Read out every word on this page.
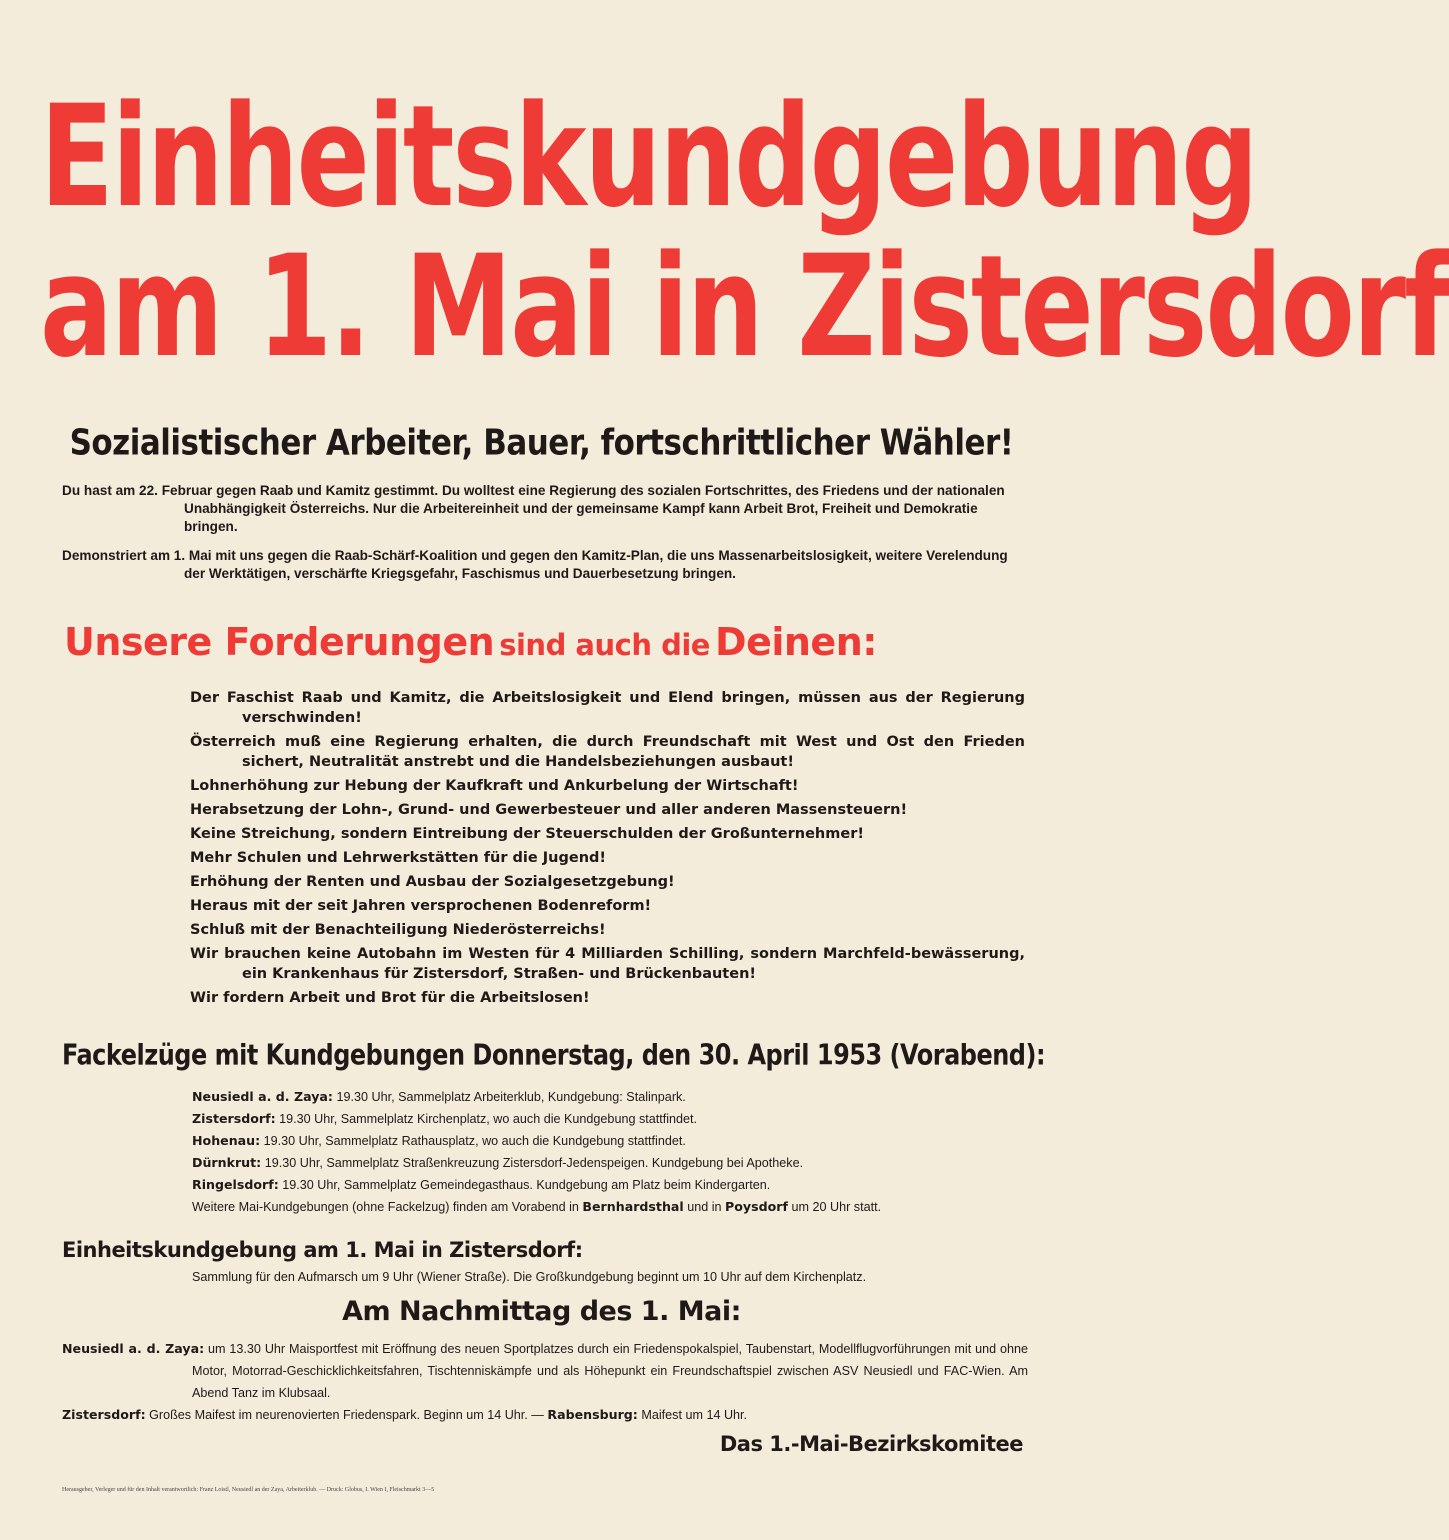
Einheitskundgebung
am 1. Mai in Zistersdorf
Sozialistischer Arbeiter, Bauer, fortschrittlicher Wähler!

Du hast am 22. Februar gegen Raab und Kamitz gestimmt. Du wolltest eine Regierung des sozialen Fortschrittes, des Friedens und der nationalen Unabhängigkeit Österreichs. Nur die Arbeitereinheit und der gemeinsame Kampf kann Arbeit Brot, Freiheit und Demokratie bringen.

Demonstriert am 1. Mai mit uns gegen die Raab-Schärf-Koalition und gegen den Kamitz-Plan, die uns Massenarbeitslosigkeit, weitere Verelendung der Werktätigen, verschärfte Kriegsgefahr, Faschismus und Dauerbesetzung bringen.

Unsere Forderungen sind auch die Deinen:
Der Faschist Raab und Kamitz, die Arbeitslosigkeit und Elend bringen, müssen aus der Regierung verschwinden!
Österreich muß eine Regierung erhalten, die durch Freundschaft mit West und Ost den Frieden sichert, Neutralität anstrebt und die Handelsbeziehungen ausbaut!
Lohnerhöhung zur Hebung der Kaufkraft und Ankurbelung der Wirtschaft!
Herabsetzung der Lohn-, Grund- und Gewerbesteuer und aller anderen Massensteuern!
Keine Streichung, sondern Eintreibung der Steuerschulden der Großunternehmer!
Mehr Schulen und Lehrwerkstätten für die Jugend!
Erhöhung der Renten und Ausbau der Sozialgesetzgebung!
Heraus mit der seit Jahren versprochenen Bodenreform!
Schluß mit der Benachteiligung Niederösterreichs!
Wir brauchen keine Autobahn im Westen für 4 Milliarden Schilling, sondern Marchfeld-bewässerung, ein Krankenhaus für Zistersdorf, Straßen- und Brückenbauten!
Wir fordern Arbeit und Brot für die Arbeitslosen!
Fackelzüge mit Kundgebungen Donnerstag, den 30. April 1953 (Vorabend):
Neusiedl a. d. Zaya: 19.30 Uhr, Sammelplatz Arbeiterklub, Kundgebung: Stalinpark.
Zistersdorf: 19.30 Uhr, Sammelplatz Kirchenplatz, wo auch die Kundgebung stattfindet.
Hohenau: 19.30 Uhr, Sammelplatz Rathausplatz, wo auch die Kundgebung stattfindet.
Dürnkrut: 19.30 Uhr, Sammelplatz Straßenkreuzung Zistersdorf-Jedenspeigen. Kundgebung bei Apotheke.
Ringelsdorf: 19.30 Uhr, Sammelplatz Gemeindegasthaus. Kundgebung am Platz beim Kindergarten.
Weitere Mai-Kundgebungen (ohne Fackelzug) finden am Vorabend in Bernhardsthal und in Poysdorf um 20 Uhr statt.
Einheitskundgebung am 1. Mai in Zistersdorf:
Sammlung für den Aufmarsch um 9 Uhr (Wiener Straße). Die Großkundgebung beginnt um 10 Uhr auf dem Kirchenplatz.
Am Nachmittag des 1. Mai:

Neusiedl a. d. Zaya: um 13.30 Uhr Maisportfest mit Eröffnung des neuen Sportplatzes durch ein Friedenspokalspiel, Taubenstart, Modellflugvorführungen mit und ohne Motor, Motorrad-Geschicklichkeitsfahren, Tischtenniskämpfe und als Höhepunkt ein Freundschaftspiel zwischen ASV Neusiedl und FAC-Wien. Am Abend Tanz im Klubsaal.

Zistersdorf: Großes Maifest im neurenovierten Friedenspark. Beginn um 14 Uhr. — Rabensburg: Maifest um 14 Uhr.

Das 1.-Mai-Bezirkskomitee
Herausgeber, Verleger und für den Inhalt verantwortlich: Franz Loistl, Neusiedl an der Zaya, Arbeiterklub. — Druck: Globus, I. Wien I, Fleischmarkt 3—5
